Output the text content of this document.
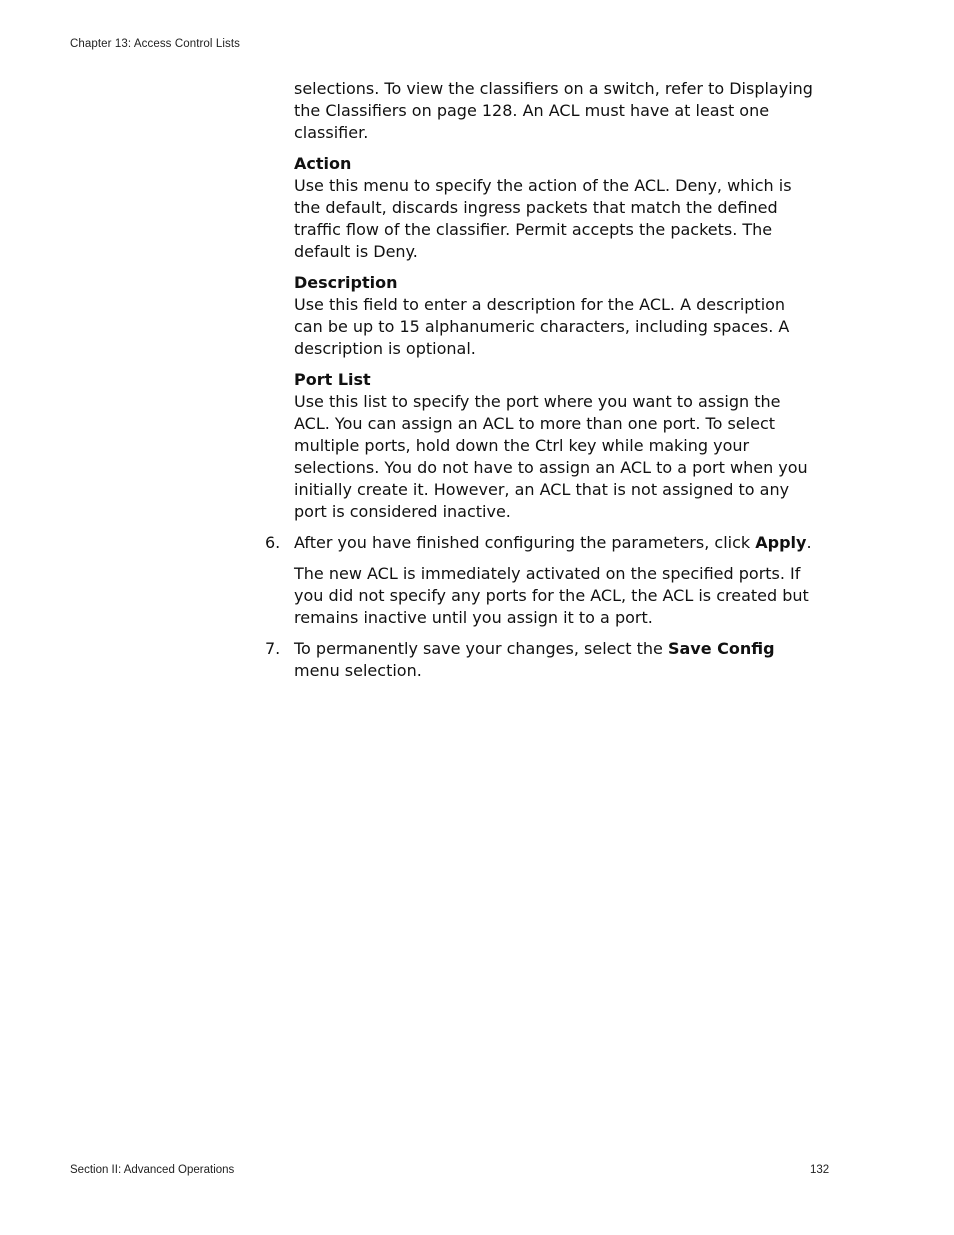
Chapter 13: Access Control Lists

selections. To view the classifiers on a switch, refer to Displaying the Classifiers on page 128. An ACL must have at least one classifier.

Action
Use this menu to specify the action of the ACL. Deny, which is the default, discards ingress packets that match the defined traffic flow of the classifier. Permit accepts the packets. The default is Deny.

Description
Use this field to enter a description for the ACL. A description can be up to 15 alphanumeric characters, including spaces. A description is optional.

Port List
Use this list to specify the port where you want to assign the ACL. You can assign an ACL to more than one port. To select multiple ports, hold down the Ctrl key while making your selections. You do not have to assign an ACL to a port when you initially create it. However, an ACL that is not assigned to any port is considered inactive.

6. After you have finished configuring the parameters, click Apply.

The new ACL is immediately activated on the specified ports. If you did not specify any ports for the ACL, the ACL is created but remains inactive until you assign it to a port.

7. To permanently save your changes, select the Save Config menu selection.

Section II: Advanced Operations	132
